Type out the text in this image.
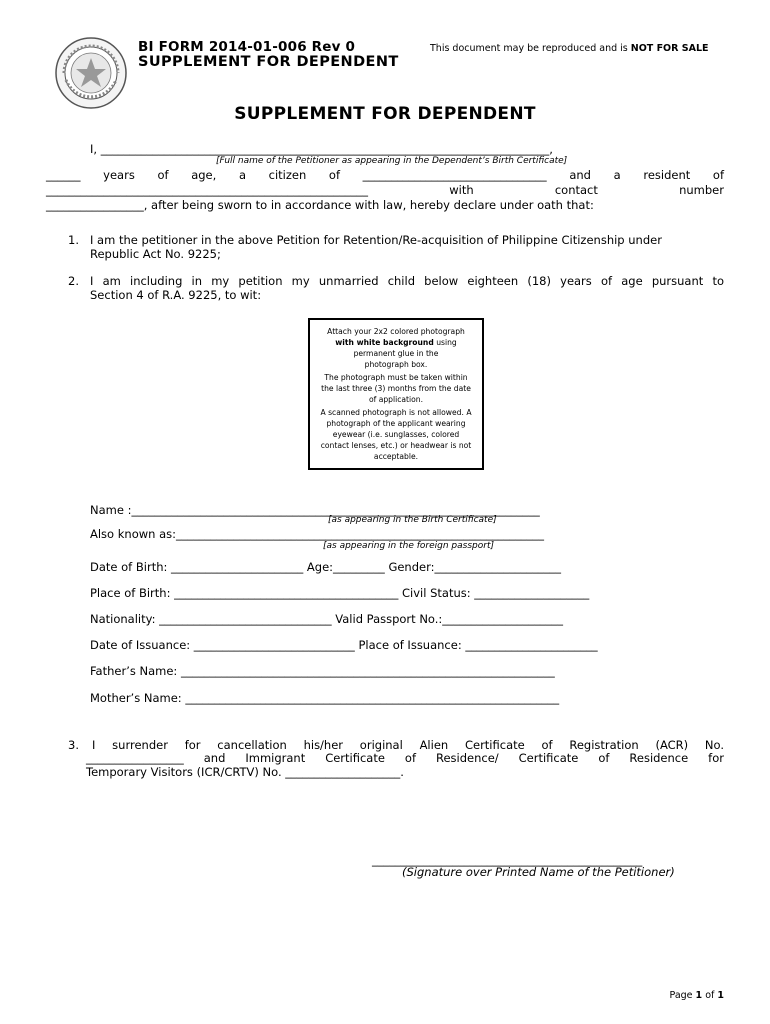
BI FORM 2014-01-006 Rev 0
SUPPLEMENT FOR DEPENDENT
This document may be reproduced and is NOT FOR SALE
SUPPLEMENT FOR DEPENDENT
I, ______________________________________________________________________________,
[Full name of the Petitioner as appearing in the Dependent’s Birth Certificate]
______ years of age, a citizen of ________________________________ and a resident of
________________________________________________________ with contact number
_________________, after being sworn to in accordance with law, hereby declare under oath that:
1. I am the petitioner in the above Petition for Retention/Re-acquisition of Philippine Citizenship under
Republic Act No. 9225;
2. I am including in my petition my unmarried child below eighteen (18) years of age pursuant to
Section 4 of R.A. 9225, to wit:

Attach your 2x2 colored photograph
with white background using
permanent glue in the
photograph box.

The photograph must be taken within the last three (3) months from the date of application.

A scanned photograph is not allowed. A photograph of the applicant wearing eyewear (i.e. sunglasses, colored contact lenses, etc.) or headwear is not acceptable.

Name :_______________________________________________________________________
[as appearing in the Birth Certificate]
Also known as:________________________________________________________________
[as appearing in the foreign passport]
Date of Birth: _______________________ Age:_________ Gender:______________________
Place of Birth: _______________________________________ Civil Status: ____________________
Nationality: ______________________________ Valid Passport No.:_____________________
Date of Issuance: ____________________________ Place of Issuance: _______________________
Father’s Name: _________________________________________________________________
Mother’s Name: _________________________________________________________________
3. I surrender for cancellation his/her original Alien Certificate of Registration (ACR) No.
_________________ and Immigrant Certificate of Residence/ Certificate of Residence for
Temporary Visitors (ICR/CRTV) No. ____________________.
_______________________________________________
(Signature over Printed Name of the Petitioner)
Page 1 of 1
